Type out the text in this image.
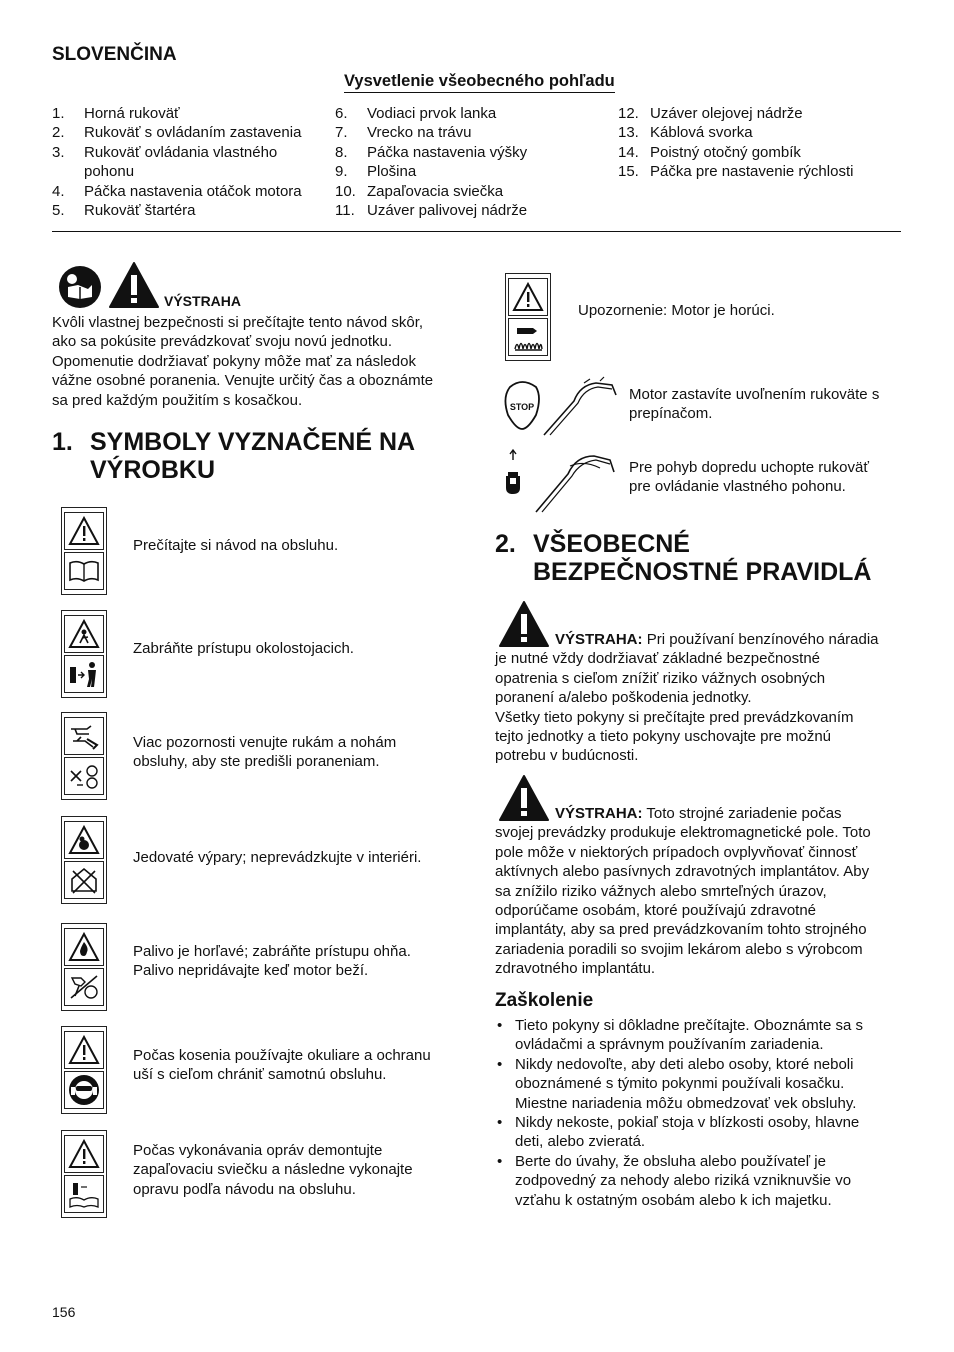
SLOVENČINA
Vysvetlenie všeobecného pohľadu
1.	Horná rukoväť
2.	Rukoväť s ovládaním zastavenia
3.	Rukoväť ovládania vlastného
pohonu
4.	Páčka nastavenia otáčok motora
5.	Rukoväť štartéra
6.	Vodiaci prvok lanka
7.	Vrecko na trávu
8.	Páčka nastavenia výšky
9.	Plošina
10. Zapaľovacia sviečka
11. Uzáver palivovej nádrže
12. Uzáver olejovej nádrže
13. Káblová svorka
14. Poistný otočný gombík
15. Páčka pre nastavenie rýchlosti
VÝSTRAHA
Kvôli vlastnej bezpečnosti si prečítajte tento návod skôr,
ako sa pokúsite prevádzkovať svoju novú jednotku.
Opomenutie dodržiavať pokyny môže mať za následok
vážne osobné poranenia. Venujte určitý čas a oboznámte
sa pred každým použitím s kosačkou.
1. SYMBOLY VYZNAČENÉ NA
VÝROBKU
Prečítajte si návod na obsluhu.
Zabráňte prístupu okolostojacich.
Viac pozornosti venujte rukám a nohám
obsluhy, aby ste predišli poraneniam.
Jedovaté výpary; neprevádzkujte v interiéri.
Palivo je horľavé; zabráňte prístupu ohňa.
Palivo nepridávajte keď motor beží.
Počas kosenia používajte okuliare a ochranu
uší s cieľom chrániť samotnú obsluhu.
Počas vykonávania opráv demontujte
zapaľovaciu sviečku a následne vykonajte
opravu podľa návodu na obsluhu.
Upozornenie: Motor je horúci.
STOP
Motor zastavíte uvoľnením rukoväte s
prepínačom.
Pre pohyb dopredu uchopte rukoväť
pre ovládanie vlastného pohonu.
2. VŠEOBECNÉ
BEZPEČNOSTNÉ PRAVIDLÁ
VÝSTRAHA: Pri používaní benzínového náradia
je nutné vždy dodržiavať základné bezpečnostné
opatrenia s cieľom znížiť riziko vážnych osobných
poranení a/alebo poškodenia jednotky.
Všetky tieto pokyny si prečítajte pred prevádzkovaním
tejto jednotky a tieto pokyny uschovajte pre možnú
potrebu v budúcnosti.
VÝSTRAHA: Toto strojné zariadenie počas
svojej prevádzky produkuje elektromagnetické pole. Toto
pole môže v niektorých prípadoch ovplyvňovať činnosť
aktívnych alebo pasívnych zdravotných implantátov. Aby
sa znížilo riziko vážnych alebo smrteľných úrazov,
odporúčame osobám, ktoré používajú zdravotné
implantáty, aby sa pred prevádzkovaním tohto strojného
zariadenia poradili so svojim lekárom alebo s výrobcom
zdravotného implantátu.
Zaškolenie
• Tieto pokyny si dôkladne prečítajte. Oboznámte sa s
ovládačmi a správnym používaním zariadenia.
• Nikdy nedovoľte, aby deti alebo osoby, ktoré neboli
oboznámené s týmito pokynmi používali kosačku.
Miestne nariadenia môžu obmedzovať vek obsluhy.
• Nikdy nekoste, pokiaľ stoja v blízkosti osoby, hlavne
deti, alebo zvieratá.
• Berte do úvahy, že obsluha alebo používateľ je
zodpovedný za nehody alebo riziká vzniknuvšie vo
vzťahu k ostatným osobám alebo k ich majetku.
156
